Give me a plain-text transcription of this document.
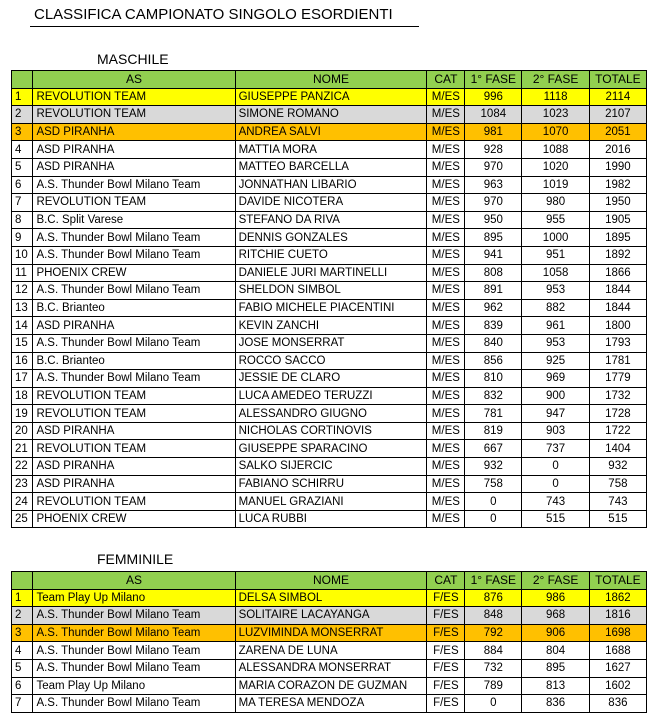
CLASSIFICA CAMPIONATO SINGOLO ESORDIENTI
MASCHILE
	AS	NOME	CAT	1° FASE	2° FASE	TOTALE
1	REVOLUTION TEAM	GIUSEPPE PANZICA	M/ES	996	1118	2114
2	REVOLUTION TEAM	SIMONE ROMANO	M/ES	1084	1023	2107
3	ASD PIRANHA	ANDREA SALVI	M/ES	981	1070	2051
4	ASD PIRANHA	MATTIA MORA	M/ES	928	1088	2016
5	ASD PIRANHA	MATTEO BARCELLA	M/ES	970	1020	1990
6	A.S. Thunder Bowl Milano Team	JONNATHAN LIBARIO	M/ES	963	1019	1982
7	REVOLUTION TEAM	DAVIDE NICOTERA	M/ES	970	980	1950
8	B.C. Split Varese	STEFANO DA RIVA	M/ES	950	955	1905
9	A.S. Thunder Bowl Milano Team	DENNIS GONZALES	M/ES	895	1000	1895
10	A.S. Thunder Bowl Milano Team	RITCHIE CUETO	M/ES	941	951	1892
11	PHOENIX CREW	DANIELE JURI MARTINELLI	M/ES	808	1058	1866
12	A.S. Thunder Bowl Milano Team	SHELDON SIMBOL	M/ES	891	953	1844
13	B.C. Brianteo	FABIO MICHELE PIACENTINI	M/ES	962	882	1844
14	ASD PIRANHA	KEVIN ZANCHI	M/ES	839	961	1800
15	A.S. Thunder Bowl Milano Team	JOSE MONSERRAT	M/ES	840	953	1793
16	B.C. Brianteo	ROCCO SACCO	M/ES	856	925	1781
17	A.S. Thunder Bowl Milano Team	JESSIE DE CLARO	M/ES	810	969	1779
18	REVOLUTION TEAM	LUCA AMEDEO TERUZZI	M/ES	832	900	1732
19	REVOLUTION TEAM	ALESSANDRO GIUGNO	M/ES	781	947	1728
20	ASD PIRANHA	NICHOLAS CORTINOVIS	M/ES	819	903	1722
21	REVOLUTION TEAM	GIUSEPPE SPARACINO	M/ES	667	737	1404
22	ASD PIRANHA	SALKO SIJERCIC	M/ES	932	0	932
23	ASD PIRANHA	FABIANO SCHIRRU	M/ES	758	0	758
24	REVOLUTION TEAM	MANUEL GRAZIANI	M/ES	0	743	743
25	PHOENIX CREW	LUCA RUBBI	M/ES	0	515	515
FEMMINILE
	AS	NOME	CAT	1° FASE	2° FASE	TOTALE
1	Team Play Up Milano	DELSA SIMBOL	F/ES	876	986	1862
2	A.S. Thunder Bowl Milano Team	SOLITAIRE LACAYANGA	F/ES	848	968	1816
3	A.S. Thunder Bowl Milano Team	LUZVIMINDA MONSERRAT	F/ES	792	906	1698
4	A.S. Thunder Bowl Milano Team	ZARENA DE LUNA	F/ES	884	804	1688
5	A.S. Thunder Bowl Milano Team	ALESSANDRA MONSERRAT	F/ES	732	895	1627
6	Team Play Up Milano	MARIA CORAZON DE GUZMAN	F/ES	789	813	1602
7	A.S. Thunder Bowl Milano Team	MA TERESA MENDOZA	F/ES	0	836	836
